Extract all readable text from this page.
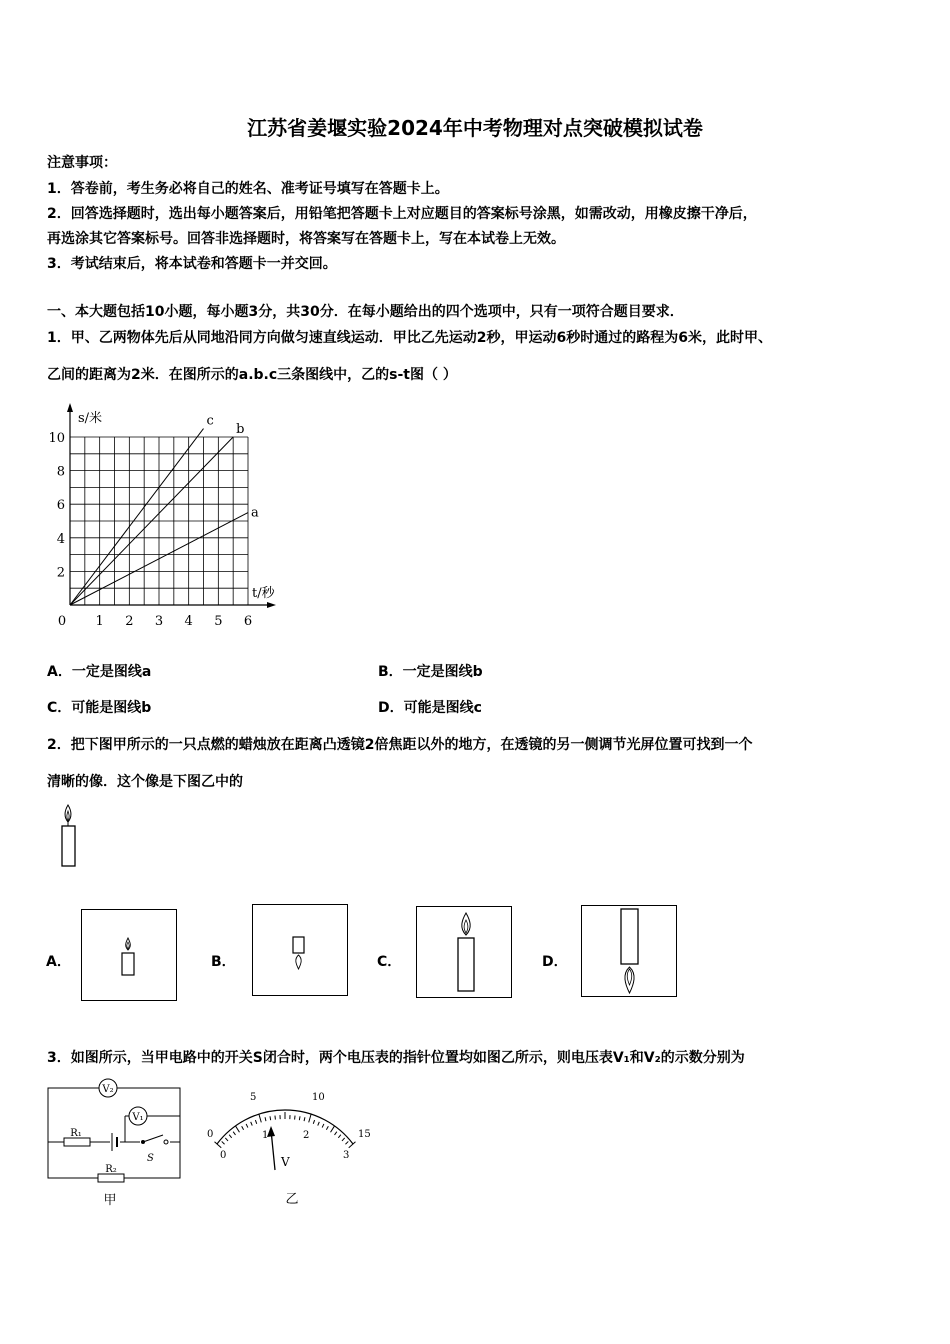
江苏省姜堰实验2024年中考物理对点突破模拟试卷
注意事项：
1．答卷前，考生务必将自己的姓名、准考证号填写在答题卡上。
2．回答选择题时，选出每小题答案后，用铅笔把答题卡上对应题目的答案标号涂黑，如需改动，用橡皮擦干净后，
再选涂其它答案标号。回答非选择题时，将答案写在答题卡上，写在本试卷上无效。
3．考试结束后，将本试卷和答题卡一并交回。
一、本大题包括10小题，每小题3分，共30分．在每小题给出的四个选项中，只有一项符合题目要求．
1．甲、乙两物体先后从同地沿同方向做匀速直线运动．甲比乙先运动2秒，甲运动6秒时通过的路程为6米，此时甲、
乙间的距离为2米．在图所示的a.b.c三条图线中，乙的s-t图（ ）
s/米
t/秒
0 1 2 3 4 5 6
2
4
6
8
10
a
b
c
A．一定是图线a	B．一定是图线b
C．可能是图线b	D．可能是图线c
2．把下图甲所示的一只点燃的蜡烛放在距离凸透镜2倍焦距以外的地方，在透镜的另一侧调节光屏位置可找到一个
清晰的像．这个像是下图乙中的
A．	B．	C．	D．
3．如图所示，当甲电路中的开关S闭合时，两个电压表的指针位置均如图乙所示，则电压表V₁和V₂的示数分别为
V₂
V₁
R₁
S
R₂
甲
0
5	10
15
0
1	2
3
V
乙
